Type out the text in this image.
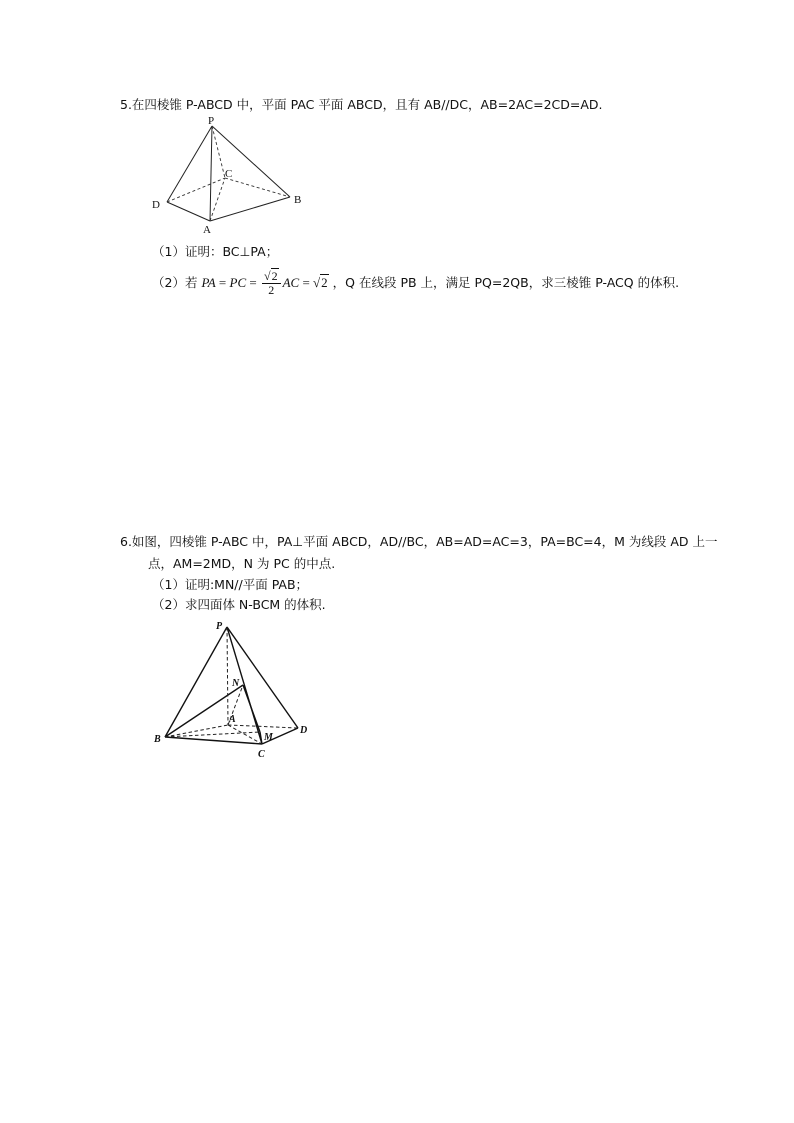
5.在四棱锥 P-ABCD 中，平面 PAC 平面 ABCD，且有 AB//DC，AB=2AC=2CD=AD.
P
C
D	B
A
（1）证明：BC⊥PA；
（2）若 PA = PC = $\frac{√2}{2}$ AC = √2 ，Q 在线段 PB 上，满足 PQ=2QB，求三棱锥 P-ACQ 的体积.
6.如图，四棱锥 P-ABC 中，PA⊥平面 ABCD，AD//BC，AB=AD=AC=3，PA=BC=4，M 为线段 AD 上一
点，AM=2MD，N 为 PC 的中点.
（1）证明:MN//平面 PAB；
（2）求四面体 N-BCM 的体积.
P
N
A
M
D
B
C
